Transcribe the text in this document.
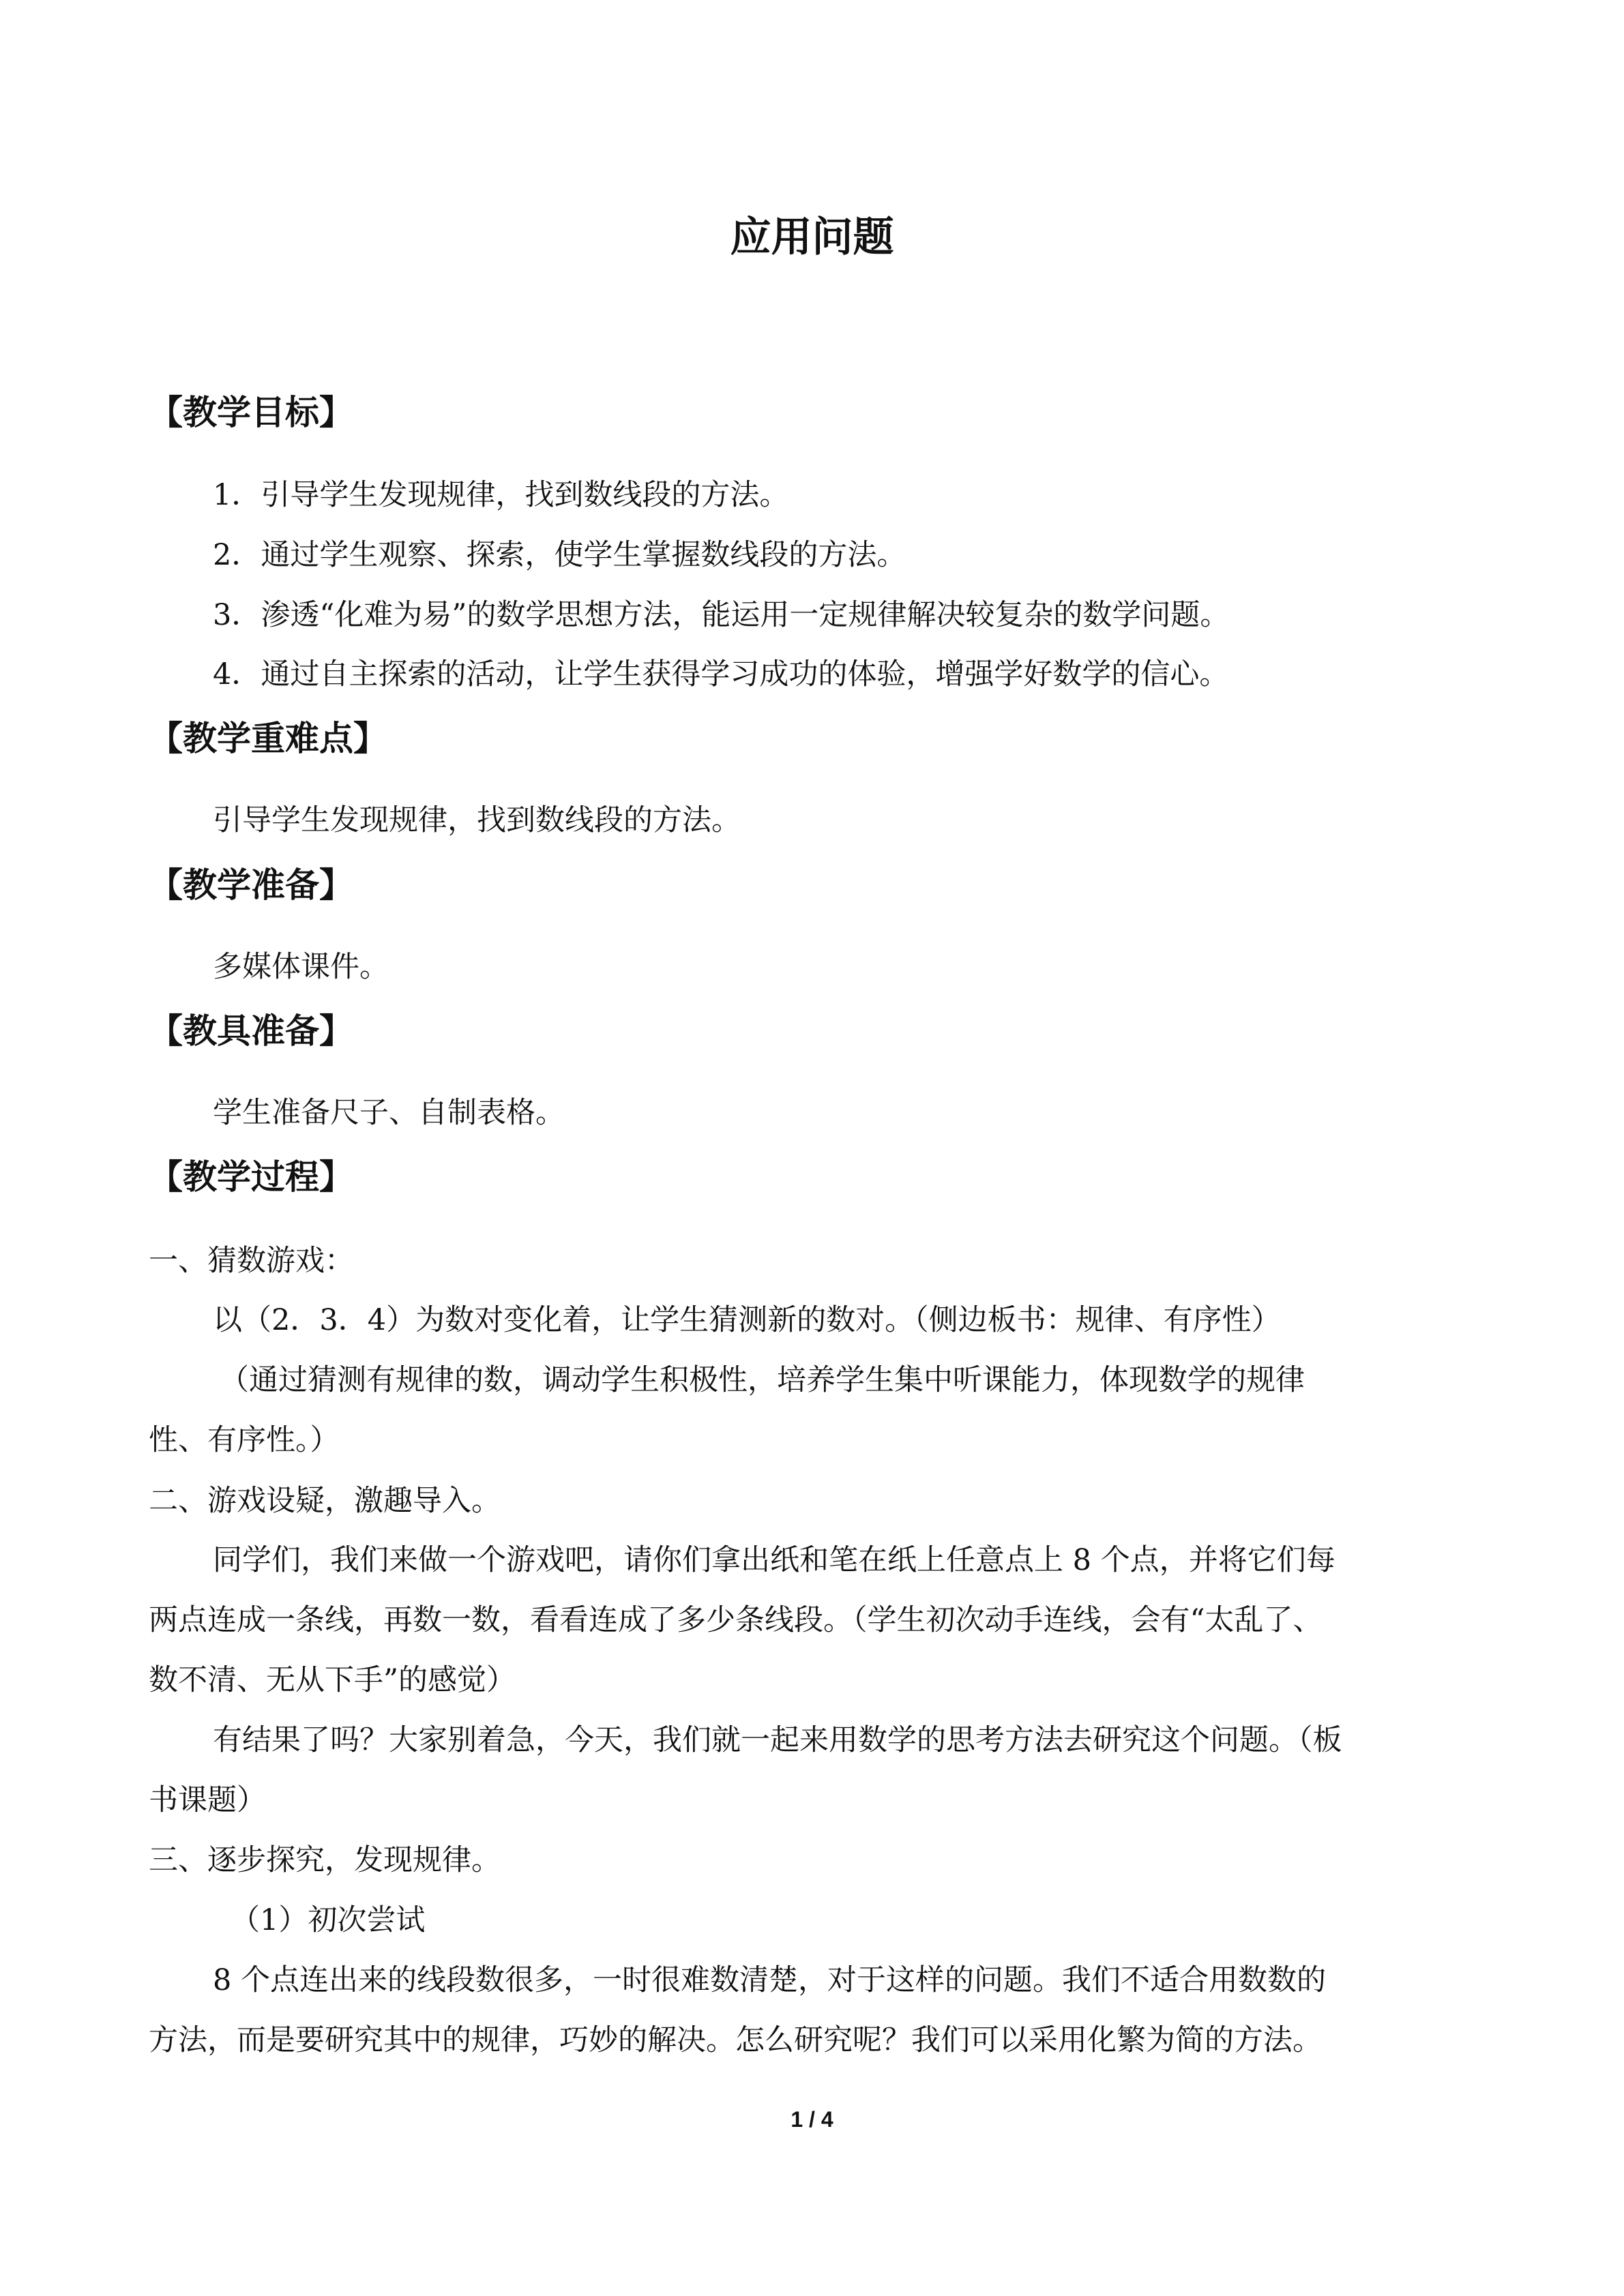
应用问题
【教学目标】
1．引导学生发现规律，找到数线段的方法。
2．通过学生观察、探索，使学生掌握数线段的方法。
3．渗透“化难为易”的数学思想方法，能运用一定规律解决较复杂的数学问题。
4．通过自主探索的活动，让学生获得学习成功的体验，增强学好数学的信心。
【教学重难点】
引导学生发现规律，找到数线段的方法。
【教学准备】
多媒体课件。
【教具准备】
学生准备尺子、自制表格。
【教学过程】
一、猜数游戏：
以（2．3．4）为数对变化着，让学生猜测新的数对。（侧边板书：规律、有序性）
（通过猜测有规律的数，调动学生积极性，培养学生集中听课能力，体现数学的规律
性、有序性。）
二、游戏设疑，激趣导入。
同学们，我们来做一个游戏吧，请你们拿出纸和笔在纸上任意点上 8 个点，并将它们每
两点连成一条线，再数一数，看看连成了多少条线段。（学生初次动手连线，会有“太乱了、
数不清、无从下手”的感觉）
有结果了吗？大家别着急，今天，我们就一起来用数学的思考方法去研究这个问题。（板
书课题）
三、逐步探究，发现规律。
（1）初次尝试
8 个点连出来的线段数很多，一时很难数清楚，对于这样的问题。我们不适合用数数的
方法，而是要研究其中的规律，巧妙的解决。怎么研究呢？我们可以采用化繁为简的方法。
1 / 4
